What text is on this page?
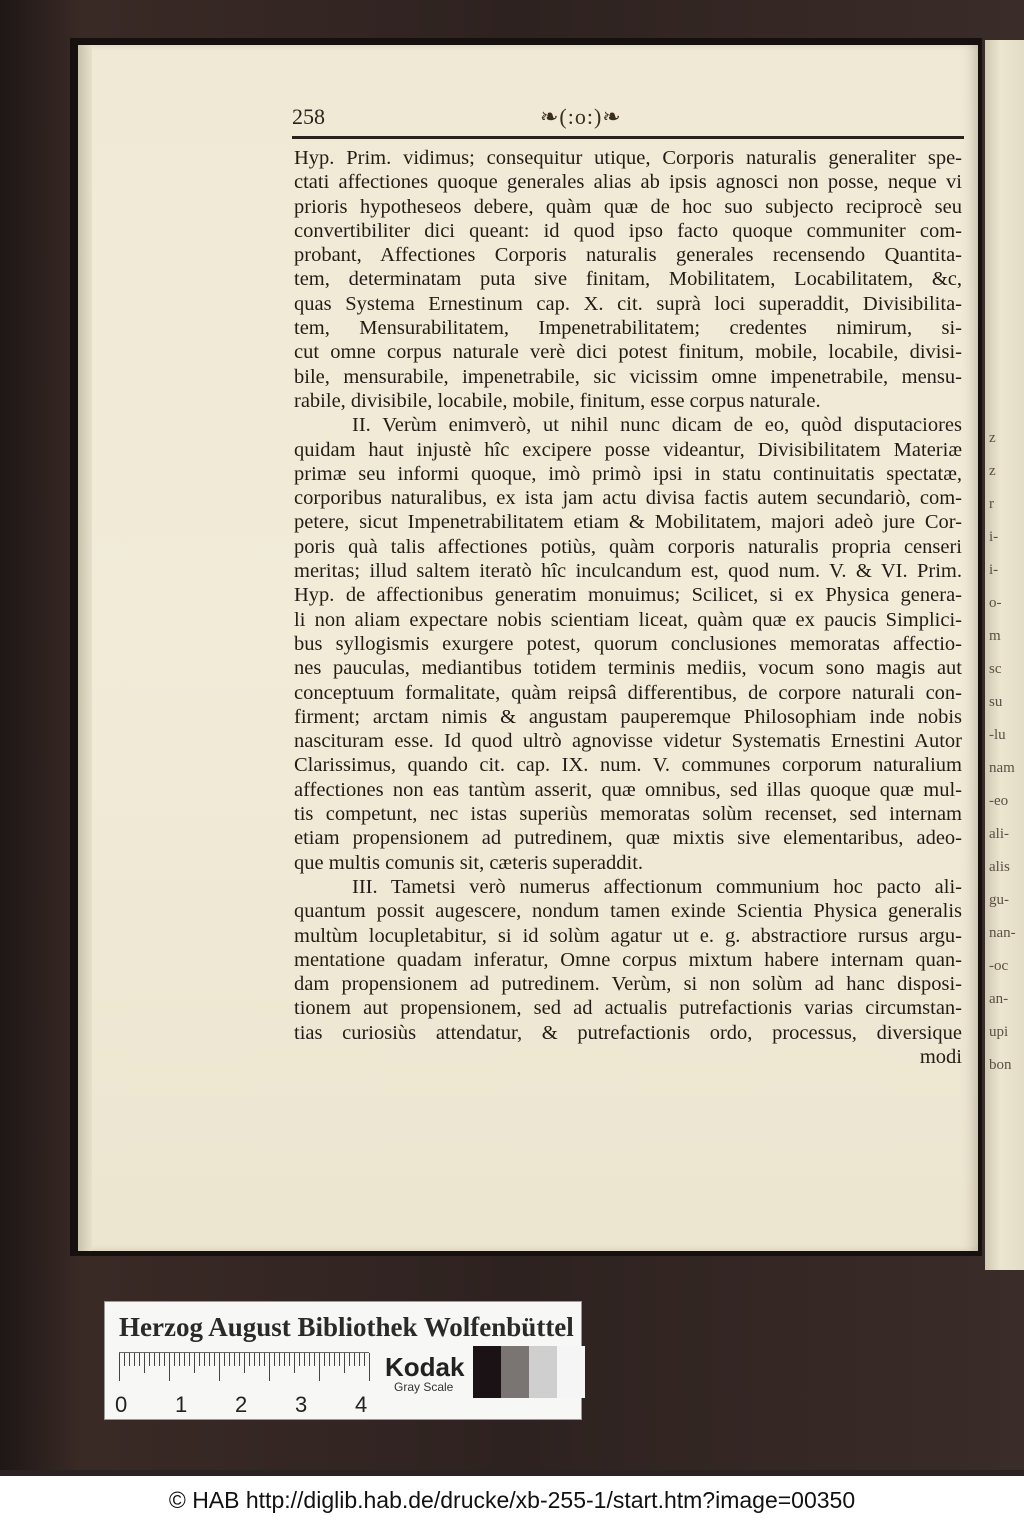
z
z
r
i-
i-
o-
m
sc
su
-lu
nam
-eo
ali-
alis
gu-
nan-
-oc
an-
upi
bon
258	❧(:o:)❧
Hyp. Prim. vidimus; consequitur utique, Corporis naturalis generaliter spe-
ctati affectiones quoque generales alias ab ipsis agnosci non posse, neque vi
prioris hypotheseos debere, quàm quæ de hoc suo subjecto reciprocè seu
convertibiliter dici queant: id quod ipso facto quoque communiter com-
probant, Affectiones Corporis naturalis generales recensendo Quantita-
tem, determinatam puta sive finitam, Mobilitatem, Locabilitatem, &c,
quas Systema Ernestinum cap. X. cit. suprà loci superaddit, Divisibilita-
tem, Mensurabilitatem, Impenetrabilitatem; credentes nimirum, si-
cut omne corpus naturale verè dici potest finitum, mobile, locabile, divisi-
bile, mensurabile, impenetrabile, sic vicissim omne impenetrabile, mensu-
rabile, divisibile, locabile, mobile, finitum, esse corpus naturale.
II. Verùm enimverò, ut nihil nunc dicam de eo, quòd disputaciores
quidam haut injustè hîc excipere posse videantur, Divisibilitatem Materiæ
primæ seu informi quoque, imò primò ipsi in statu continuitatis spectatæ,
corporibus naturalibus, ex ista jam actu divisa factis autem secundariò, com-
petere, sicut Impenetrabilitatem etiam & Mobilitatem, majori adeò jure Cor-
poris quà talis affectiones potiùs, quàm corporis naturalis propria censeri
meritas; illud saltem iteratò hîc inculcandum est, quod num. V. & VI. Prim.
Hyp. de affectionibus generatim monuimus; Scilicet, si ex Physica genera-
li non aliam expectare nobis scientiam liceat, quàm quæ ex paucis Simplici-
bus syllogismis exurgere potest, quorum conclusiones memoratas affectio-
nes pauculas, mediantibus totidem terminis mediis, vocum sono magis aut
conceptuum formalitate, quàm reipsâ differentibus, de corpore naturali con-
firment; arctam nimis & angustam pauperemque Philosophiam inde nobis
nascituram esse. Id quod ultrò agnovisse videtur Systematis Ernestini Autor
Clarissimus, quando cit. cap. IX. num. V. communes corporum naturalium
affectiones non eas tantùm asserit, quæ omnibus, sed illas quoque quæ mul-
tis competunt, nec istas superiùs memoratas solùm recenset, sed internam
etiam propensionem ad putredinem, quæ mixtis sive elementaribus, adeo-
que multis comunis sit, cæteris superaddit.
III. Tametsi verò numerus affectionum communium hoc pacto ali-
quantum possit augescere, nondum tamen exinde Scientia Physica generalis
multùm locupletabitur, si id solùm agatur ut e. g. abstractiore rursus argu-
mentatione quadam inferatur, Omne corpus mixtum habere internam quan-
dam propensionem ad putredinem. Verùm, si non solùm ad hanc disposi-
tionem aut propensionem, sed ad actualis putrefactionis varias circumstan-
tias curiosiùs attendatur, & putrefactionis ordo, processus, diversique
modi
Herzog August Bibliothek Wolfenbüttel
0 1 2 3 4
Kodak
Gray Scale
© HAB http://diglib.hab.de/drucke/xb-255-1/start.htm?image=00350
